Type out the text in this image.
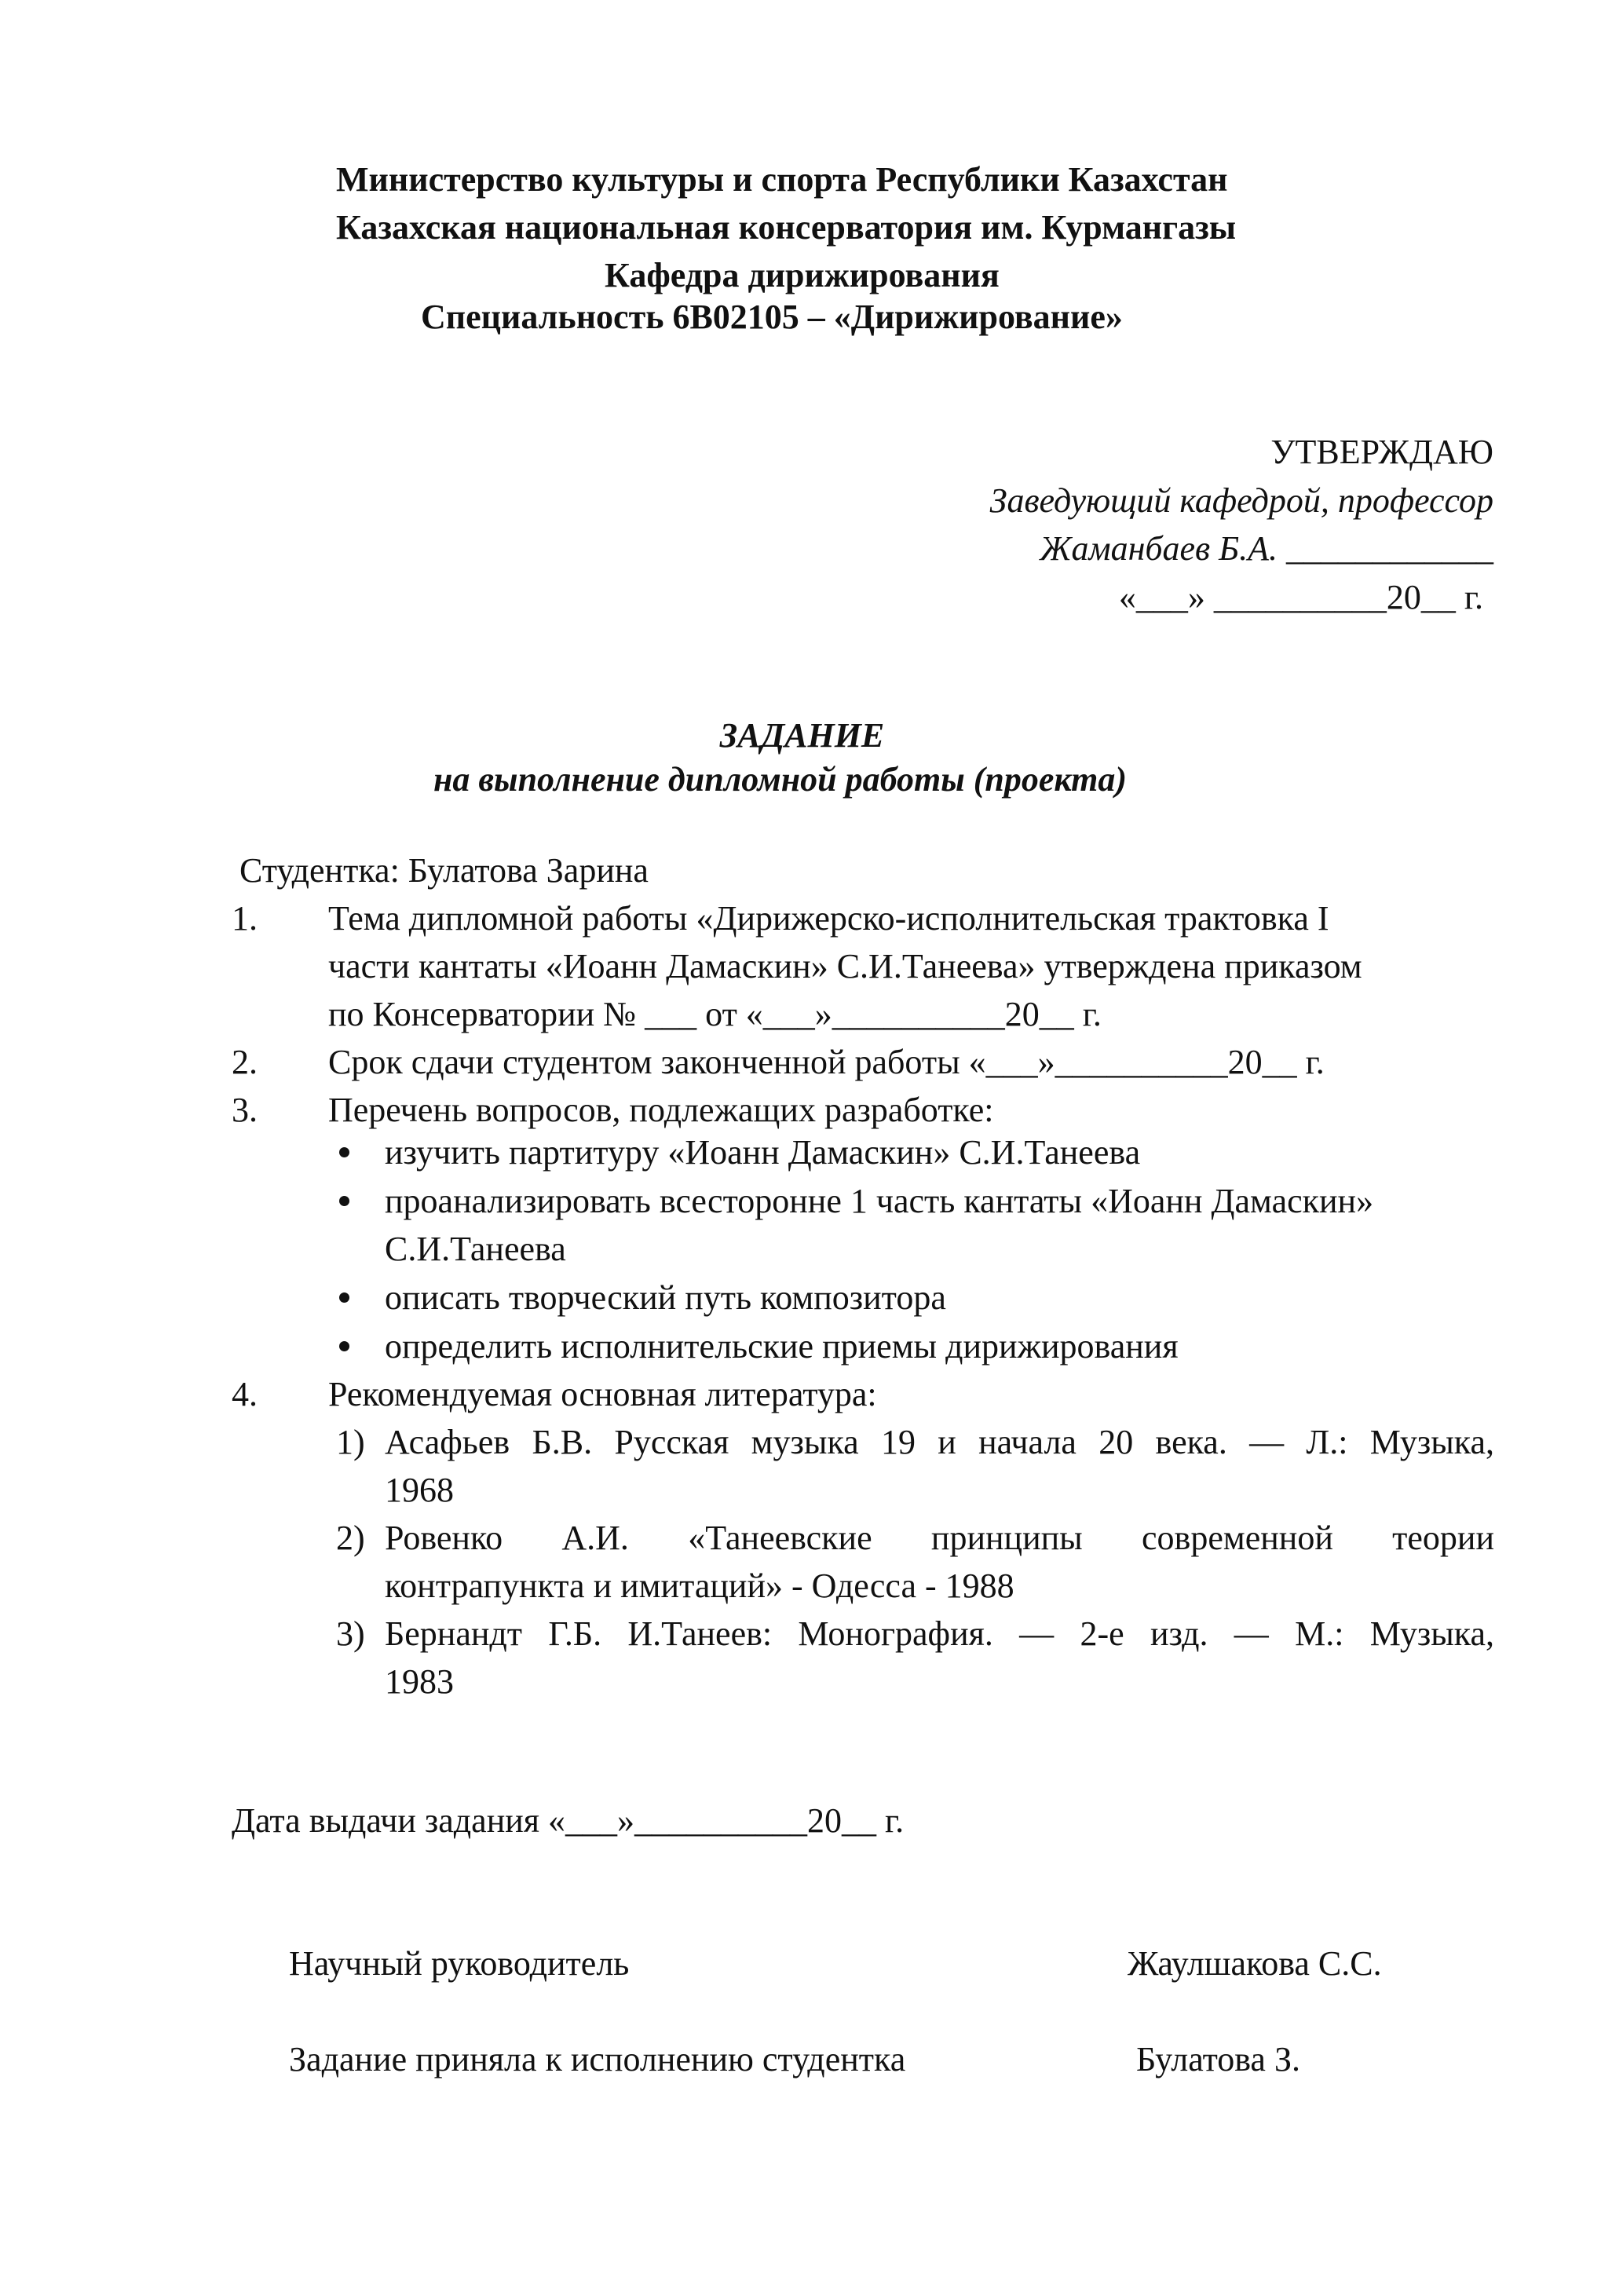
Министерство культуры и спорта Республики Казахстан
Казахская национальная консерватория им. Курмангазы
Кафедра дирижирования
Специальность 6В02105 – «Дирижирование»
УТВЕРЖДАЮ
Заведующий кафедрой, профессор
Жаманбаев Б.А. ____________
«___» __________20__ г.
ЗАДАНИЕ
на выполнение дипломной работы (проекта)
Студентка: Булатова Зарина
1. Тема дипломной работы «Дирижерско-исполнительская трактовка I
части кантаты «Иоанн Дамаскин» С.И.Танеева» утверждена приказом
по Консерватории № ___ от «___»__________20__ г.
2. Срок сдачи студентом законченной работы «___»__________20__ г.
3. Перечень вопросов, подлежащих разработке:
изучить партитуру «Иоанн Дамаскин» С.И.Танеева
проанализировать всесторонне 1 часть кантаты «Иоанн Дамаскин»
С.И.Танеева
описать творческий путь композитора
определить исполнительские приемы дирижирования
4. Рекомендуемая основная литература:
1) Асафьев Б.В. Русская музыка 19 и начала 20 века. — Л.: Музыка,
1968
2) Ровенко А.И. «Танеевские принципы современной теории
контрапункта и имитаций» - Одесса - 1988
3) Бернандт Г.Б. И.Танеев: Монография. — 2-е изд. — М.: Музыка,
1983
Дата выдачи задания «___»__________20__ г.
Научный руководитель	Жаулшакова С.С.
Задание приняла к исполнению студентка	Булатова З.
